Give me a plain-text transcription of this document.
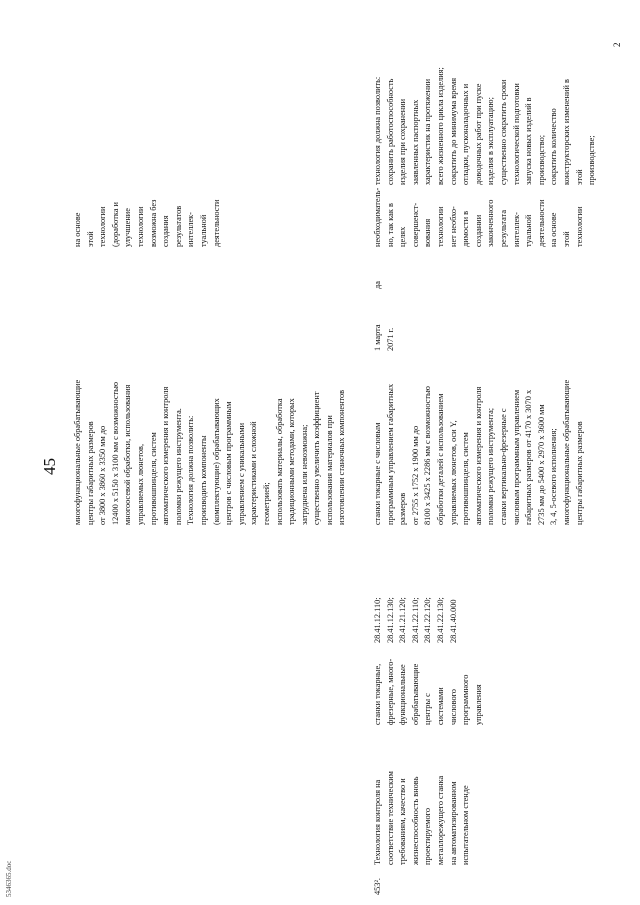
5346365.doc
45
2
многофункциональные обрабатывающие центры габаритных размеров от 3800 x 3860 x 3350 мм до 12400 x 5150 x 3100 мм с возможностью многоосевой обработки, использования управляемых люнетов, противошпинделя, систем автоматического измерения и контроля поломки режущего инструмента. Технология должна позволить: производить компоненты (комплектующие) обрабатывающих центров с числовым программным управлением с уникальными характеристиками и сложной геометрией; использовать материалы, обработка традиционными методами, которых затруднена или невозможна; существенно увеличить коэффициент использования материалов при изготовлении станочных компонентов
на основе этой технологии (доработка и улучшение технологии возможна без создания результатов интеллек- туальной деятельности
453².
Технология контроля на соответствие техническим требованиям, качество и жизнеспособность вновь проектируемого металлорежущего станка на автоматизированном испытательном стенде
станки токарные, фрезерные, много- функциональные обрабатывающие центры с системами числового программного управления
28.41.12.110; 28.41.12.130; 28.41.21.120; 28.41.22.110; 28.41.22.120; 28.41.22.130; 28.41.40.000
станки токарные с числовым программным управлением габаритных размеров от 2755 x 1752 x 1900 мм до 8100 x 3425 x 2286 мм с возможностью обработки деталей с использованием управляемых люнетов, оси Y, противошпинделя, систем автоматического измерения и контроля поломки режущего инструмента; станки вертикально-фрезерные с числовым программным управлением габаритных размеров от 4170 x 3070 x 2735 мм до 5400 x 2970 x 3600 мм 3, 4, 5-осевого исполнения; многофункциональные обрабатывающие центры габаритных размеров
1 марта 2071 г.
да
необходиматель- но, так как в целях совершенст- вования технологии нет необхо- димости в создании законченного результата интеллек- туальной деятельности на основе этой технологии
технология должна позволить: сохранить работоспособность изделия при сохранении заявленных паспортных характеристик на протяжении всего жизненного цикла изделия; сократить до минимума время отладки, пусконаладочных и доводочных работ при пуске изделия в эксплуатацию; существенно сократить сроки технологической подготовки запуска новых изделий в производство; сократить количество конструкторских изменений в этой производстве;
